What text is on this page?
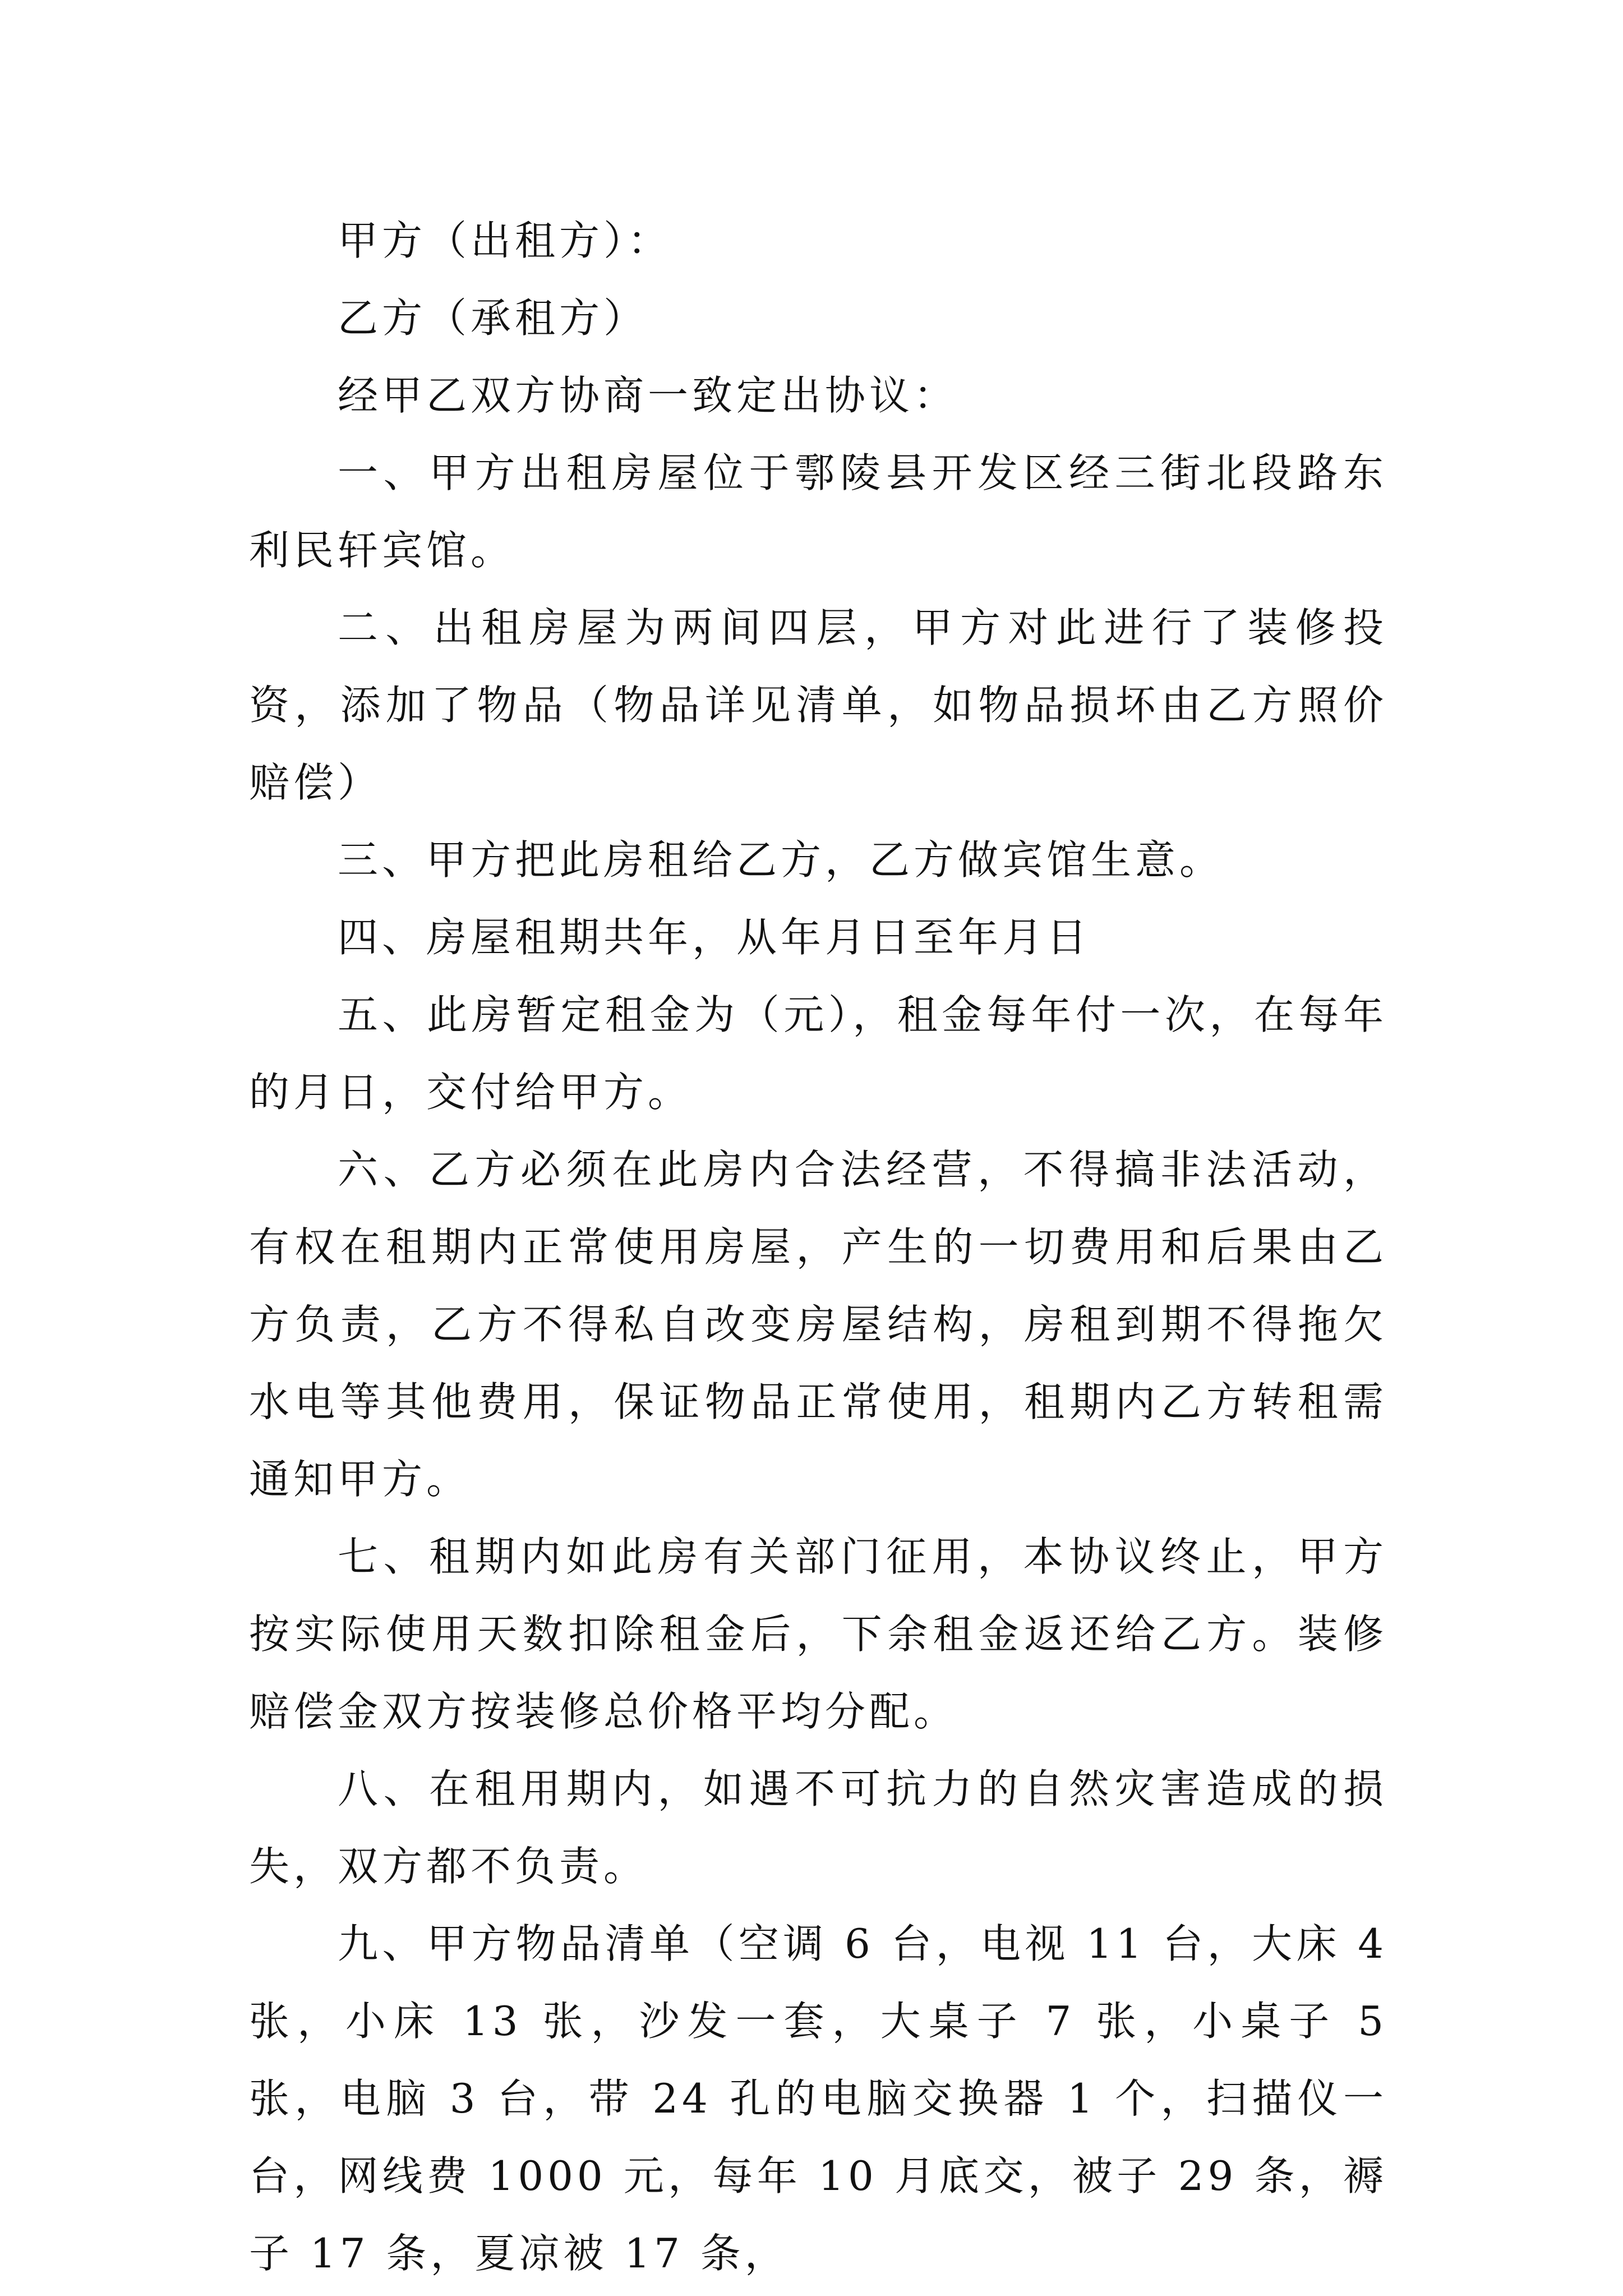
甲方（出租方）：

乙方（承租方）

经甲乙双方协商一致定出协议：

一、甲方出租房屋位于鄠陵县开发区经三街北段路东利民轩宾馆。

二、出租房屋为两间四层，甲方对此进行了装修投资，添加了物品（物品详见清单，如物品损坏由乙方照价赔偿）

三、甲方把此房租给乙方，乙方做宾馆生意。

四、房屋租期共年，从年月日至年月日

五、此房暂定租金为（元），租金每年付一次，在每年的月日，交付给甲方。

六、乙方必须在此房内合法经营，不得搞非法活动，有权在租期内正常使用房屋，产生的一切费用和后果由乙方负责，乙方不得私自改变房屋结构，房租到期不得拖欠水电等其他费用，保证物品正常使用，租期内乙方转租需通知甲方。

七、租期内如此房有关部门征用，本协议终止，甲方按实际使用天数扣除租金后，下余租金返还给乙方。装修赔偿金双方按装修总价格平均分配。

八、在租用期内，如遇不可抗力的自然灾害造成的损失，双方都不负责。

九、甲方物品清单（空调 6 台，电视 11 台，大床 4 张，小床 13 张，沙发一套，大桌子 7 张，小桌子 5 张，电脑 3 台，带 24 孔的电脑交换器 1 个，扫描仪一台，网线费 1000 元，每年 10 月底交，被子 29 条，褥子 17 条，夏凉被 17 条，
